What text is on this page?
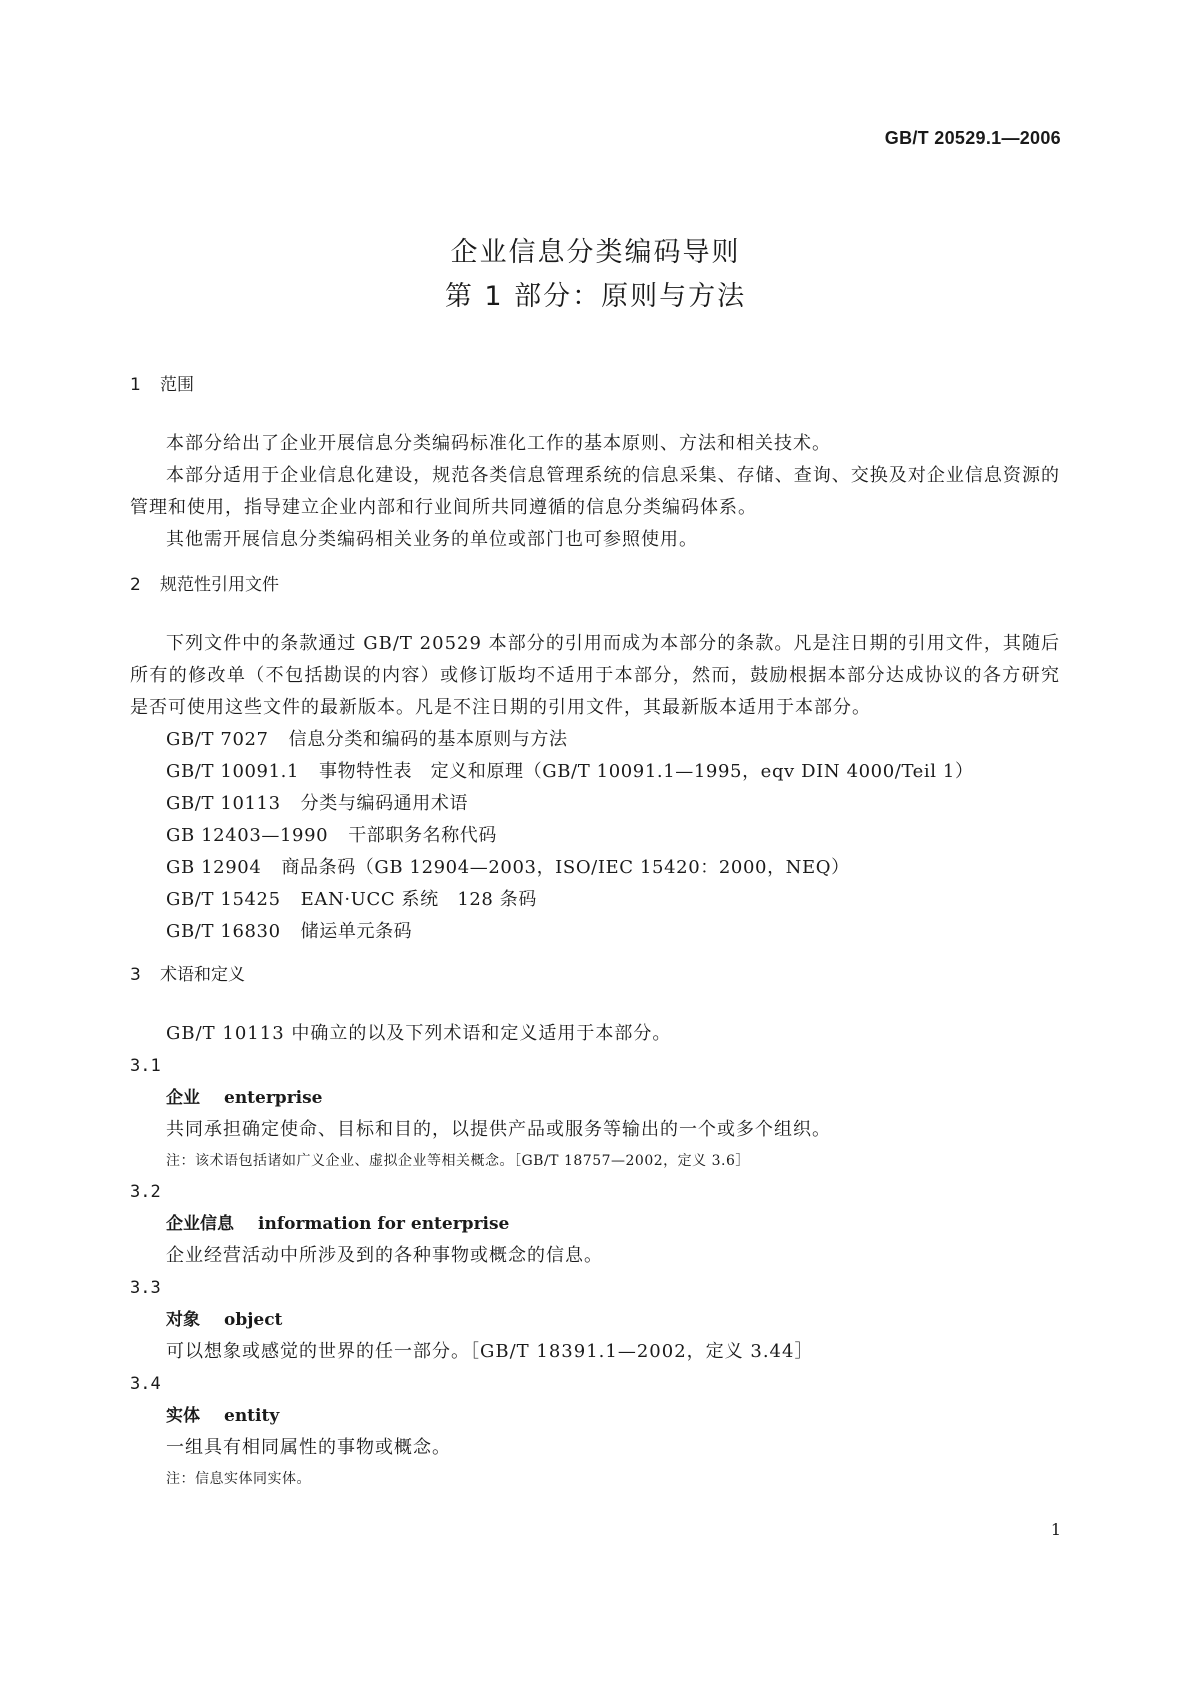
GB/T 20529.1—2006
企业信息分类编码导则
第 1 部分：原则与方法
1 范围

本部分给出了企业开展信息分类编码标准化工作的基本原则、方法和相关技术。

本部分适用于企业信息化建设，规范各类信息管理系统的信息采集、存储、查询、交换及对企业信息资源的管理和使用，指导建立企业内部和行业间所共同遵循的信息分类编码体系。

其他需开展信息分类编码相关业务的单位或部门也可参照使用。

2 规范性引用文件

下列文件中的条款通过 GB/T 20529 本部分的引用而成为本部分的条款。凡是注日期的引用文件，其随后所有的修改单（不包括勘误的内容）或修订版均不适用于本部分，然而，鼓励根据本部分达成协议的各方研究是否可使用这些文件的最新版本。凡是不注日期的引用文件，其最新版本适用于本部分。

GB/T 7027 信息分类和编码的基本原则与方法
GB/T 10091.1 事物特性表　定义和原理（GB/T 10091.1—1995，eqv DIN 4000/Teil 1）
GB/T 10113 分类与编码通用术语
GB 12403—1990 干部职务名称代码
GB 12904 商品条码（GB 12904—2003，ISO/IEC 15420：2000，NEQ）
GB/T 15425 EAN·UCC 系统　128 条码
GB/T 16830 储运单元条码
3 术语和定义

GB/T 10113 中确立的以及下列术语和定义适用于本部分。

3.1
企业 enterprise
共同承担确定使命、目标和目的，以提供产品或服务等输出的一个或多个组织。
注：该术语包括诸如广义企业、虚拟企业等相关概念。［GB/T 18757—2002，定义 3.6］
3.2
企业信息 information for enterprise
企业经营活动中所涉及到的各种事物或概念的信息。
3.3
对象 object
可以想象或感觉的世界的任一部分。［GB/T 18391.1—2002，定义 3.44］
3.4
实体 entity
一组具有相同属性的事物或概念。
注：信息实体同实体。
1
